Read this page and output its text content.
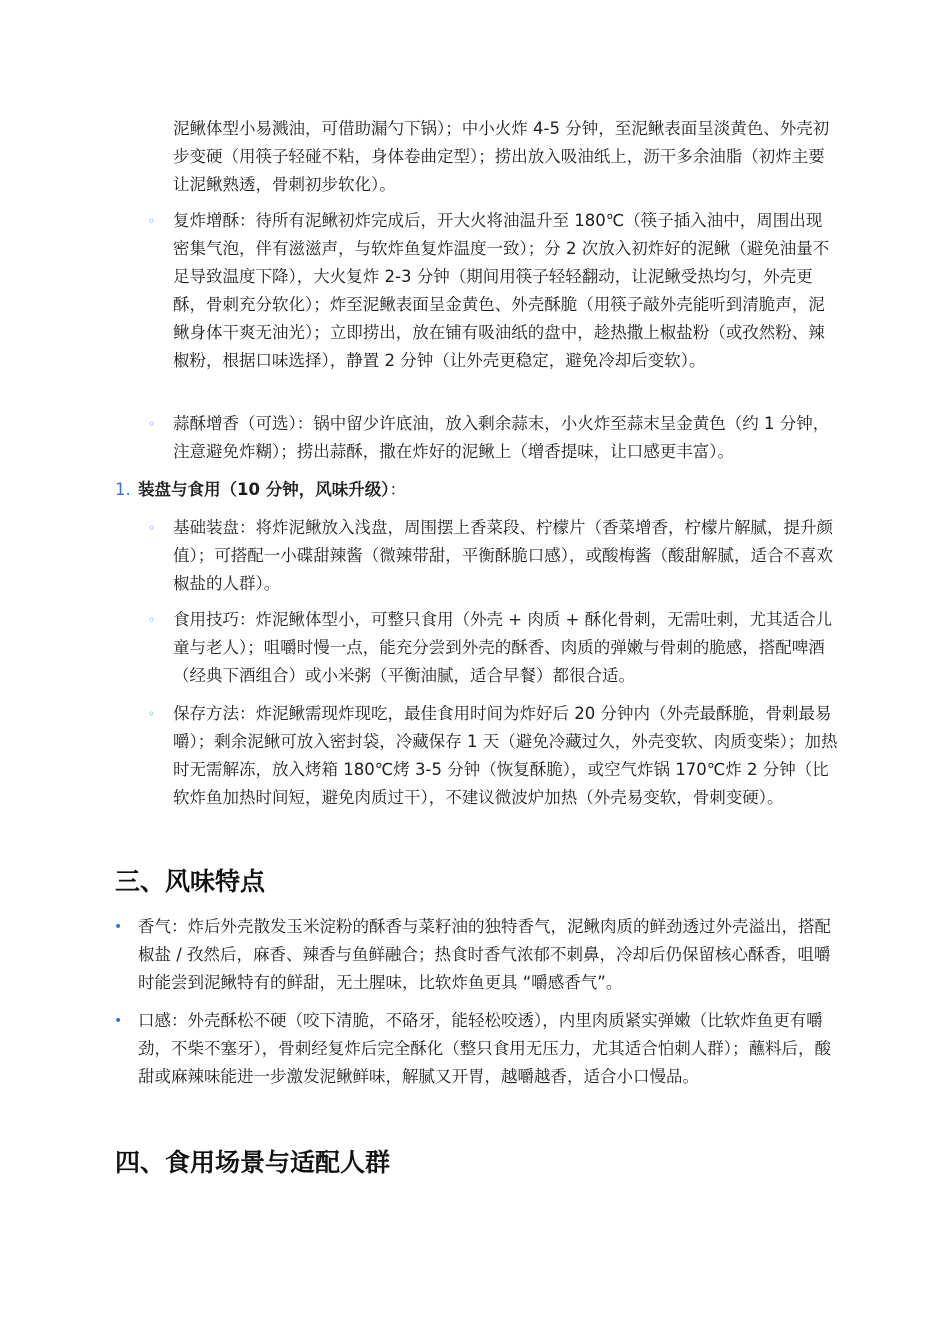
泥鳅体型小易溅油，可借助漏勺下锅）；中小火炸 4-5 分钟，至泥鳅表面呈淡黄色、外壳初步变硬（用筷子轻碰不粘，身体卷曲定型）；捞出放入吸油纸上，沥干多余油脂（初炸主要让泥鳅熟透，骨刺初步软化）。

◦ 复炸增酥：待所有泥鳅初炸完成后，开大火将油温升至 180℃（筷子插入油中，周围出现密集气泡，伴有滋滋声，与软炸鱼复炸温度一致）；分 2 次放入初炸好的泥鳅（避免油量不足导致温度下降），大火复炸 2-3 分钟（期间用筷子轻轻翻动，让泥鳅受热均匀，外壳更酥，骨刺充分软化）；炸至泥鳅表面呈金黄色、外壳酥脆（用筷子敲外壳能听到清脆声，泥鳅身体干爽无油光）；立即捞出，放在铺有吸油纸的盘中，趁热撒上椒盐粉（或孜然粉、辣椒粉，根据口味选择），静置 2 分钟（让外壳更稳定，避免冷却后变软）。

◦ 蒜酥增香（可选）：锅中留少许底油，放入剩余蒜末，小火炸至蒜末呈金黄色（约 1 分钟，注意避免炸糊）；捞出蒜酥，撒在炸好的泥鳅上（增香提味，让口感更丰富）。

1. 装盘与食用（10 分钟，风味升级）：

◦ 基础装盘：将炸泥鳅放入浅盘，周围摆上香菜段、柠檬片（香菜增香，柠檬片解腻，提升颜值）；可搭配一小碟甜辣酱（微辣带甜，平衡酥脆口感），或酸梅酱（酸甜解腻，适合不喜欢椒盐的人群）。

◦ 食用技巧：炸泥鳅体型小，可整只食用（外壳 + 肉质 + 酥化骨刺，无需吐刺，尤其适合儿童与老人）；咀嚼时慢一点，能充分尝到外壳的酥香、肉质的弹嫩与骨刺的脆感，搭配啤酒（经典下酒组合）或小米粥（平衡油腻，适合早餐）都很合适。

◦ 保存方法：炸泥鳅需现炸现吃，最佳食用时间为炸好后 20 分钟内（外壳最酥脆，骨刺最易嚼）；剩余泥鳅可放入密封袋，冷藏保存 1 天（避免冷藏过久，外壳变软、肉质变柴）；加热时无需解冻，放入烤箱 180℃烤 3-5 分钟（恢复酥脆），或空气炸锅 170℃炸 2 分钟（比软炸鱼加热时间短，避免肉质过干），不建议微波炉加热（外壳易变软，骨刺变硬）。

三、风味特点
• 香气：炸后外壳散发玉米淀粉的酥香与菜籽油的独特香气，泥鳅肉质的鲜劲透过外壳溢出，搭配椒盐 / 孜然后，麻香、辣香与鱼鲜融合；热食时香气浓郁不刺鼻，冷却后仍保留核心酥香，咀嚼时能尝到泥鳅特有的鲜甜，无土腥味，比软炸鱼更具 “嚼感香气”。

• 口感：外壳酥松不硬（咬下清脆，不硌牙，能轻松咬透），内里肉质紧实弹嫩（比软炸鱼更有嚼劲，不柴不塞牙），骨刺经复炸后完全酥化（整只食用无压力，尤其适合怕刺人群）；蘸料后，酸甜或麻辣味能进一步激发泥鳅鲜味，解腻又开胃，越嚼越香，适合小口慢品。

四、食用场景与适配人群
